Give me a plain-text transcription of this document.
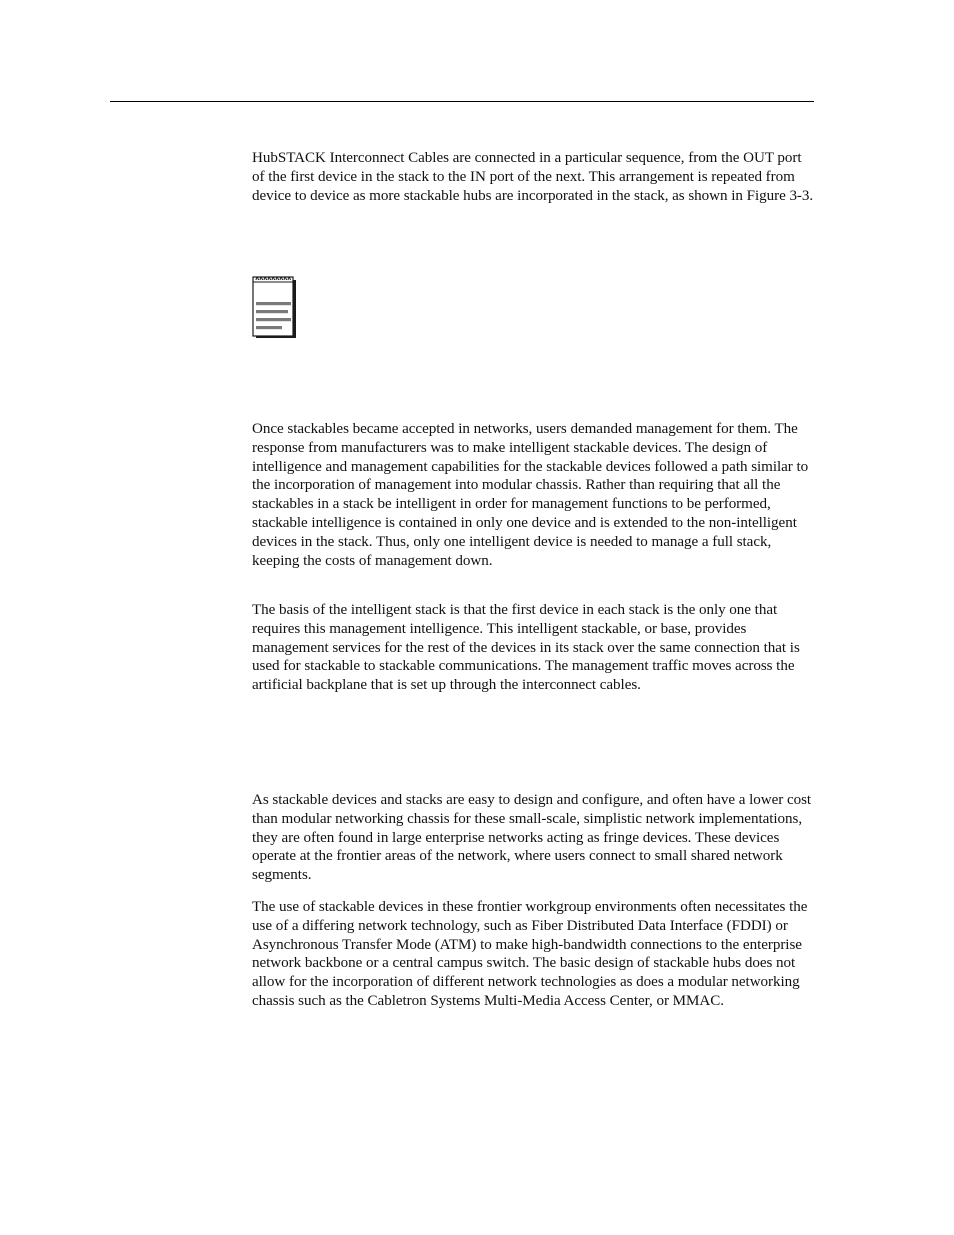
HubSTACK Interconnect Cables are connected in a particular sequence, from the OUT port of the first device in the stack to the IN port of the next. This arrangement is repeated from device to device as more stackable hubs are incorporated in the stack, as shown in Figure 3-3.

Once stackables became accepted in networks, users demanded management for them. The response from manufacturers was to make intelligent stackable devices. The design of intelligence and management capabilities for the stackable devices followed a path similar to the incorporation of management into modular chassis. Rather than requiring that all the stackables in a stack be intelligent in order for management functions to be performed, stackable intelligence is contained in only one device and is extended to the non-intelligent devices in the stack. Thus, only one intelligent device is needed to manage a full stack, keeping the costs of management down.

The basis of the intelligent stack is that the first device in each stack is the only one that requires this management intelligence. This intelligent stackable, or base, provides management services for the rest of the devices in its stack over the same connection that is used for stackable to stackable communications. The management traffic moves across the artificial backplane that is set up through the interconnect cables.

As stackable devices and stacks are easy to design and configure, and often have a lower cost than modular networking chassis for these small-scale, simplistic network implementations, they are often found in large enterprise networks acting as fringe devices. These devices operate at the frontier areas of the network, where users connect to small shared network segments.

The use of stackable devices in these frontier workgroup environments often necessitates the use of a differing network technology, such as Fiber Distributed Data Interface (FDDI) or Asynchronous Transfer Mode (ATM) to make high-bandwidth connections to the enterprise network backbone or a central campus switch. The basic design of stackable hubs does not allow for the incorporation of different network technologies as does a modular networking chassis such as the Cabletron Systems Multi-Media Access Center, or MMAC.
